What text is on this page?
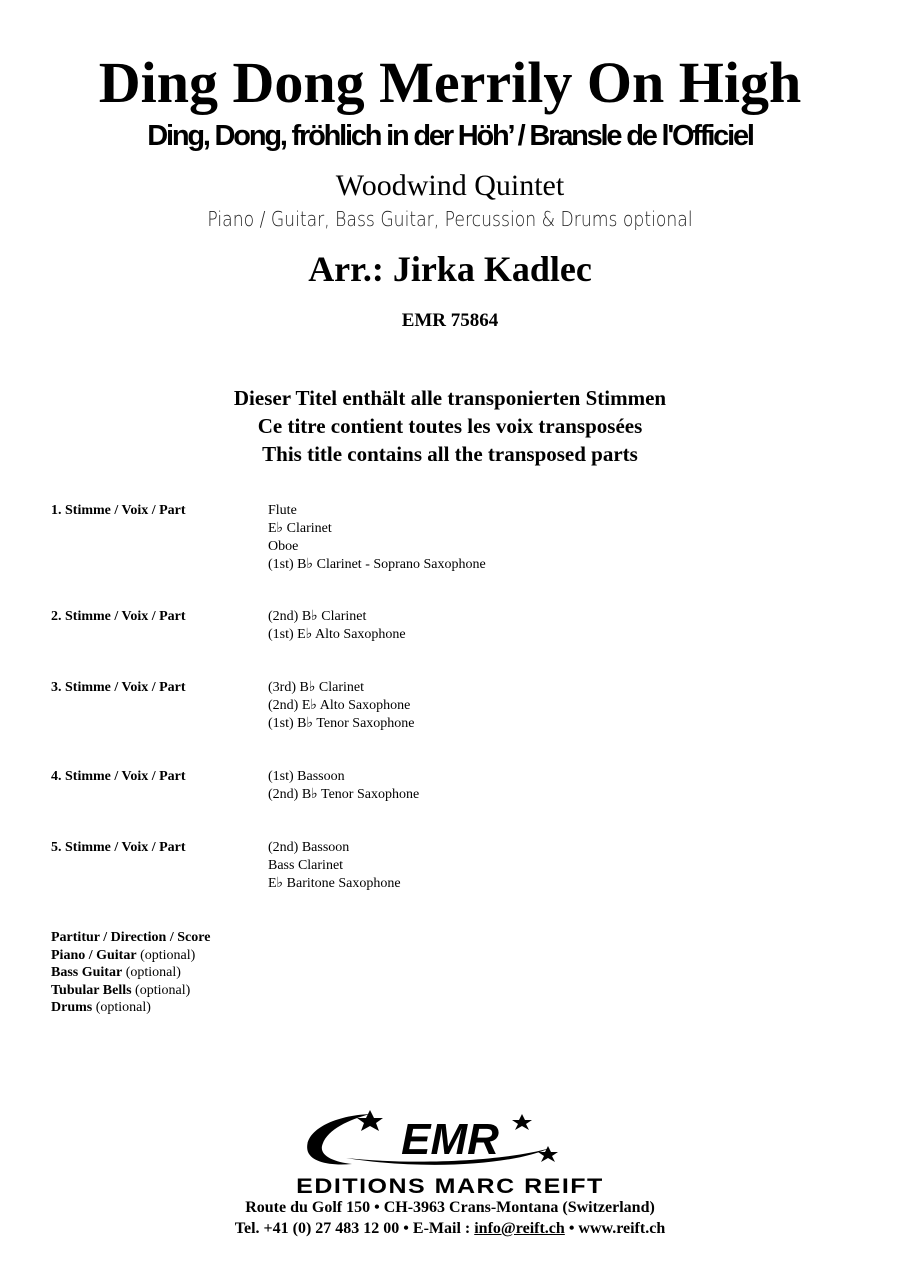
Ding Dong Merrily On High
Ding, Dong, fröhlich in der Höh’ / Bransle de l'Officiel
Woodwind Quintet
Piano / Guitar, Bass Guitar, Percussion & Drums optional
Arr.: Jirka Kadlec
EMR 75864
Dieser Titel enthält alle transponierten Stimmen
Ce titre contient toutes les voix transposées
This title contains all the transposed parts
1. Stimme / Voix / Part	Flute
E♭ Clarinet
Oboe
(1st) B♭ Clarinet - Soprano Saxophone
2. Stimme / Voix / Part	(2nd) B♭ Clarinet
(1st) E♭ Alto Saxophone
3. Stimme / Voix / Part	(3rd) B♭ Clarinet
(2nd) E♭ Alto Saxophone
(1st) B♭ Tenor Saxophone
4. Stimme / Voix / Part	(1st) Bassoon
(2nd) B♭ Tenor Saxophone
5. Stimme / Voix / Part	(2nd) Bassoon
Bass Clarinet
E♭ Baritone Saxophone
Partitur / Direction / Score
Piano / Guitar (optional)
Bass Guitar (optional)
Tubular Bells (optional)
Drums (optional)
EMR
EDITIONS MARC REIFT
Route du Golf 150 • CH-3963 Crans-Montana (Switzerland)
Tel. +41 (0) 27 483 12 00 • E-Mail : info@reift.ch • www.reift.ch
